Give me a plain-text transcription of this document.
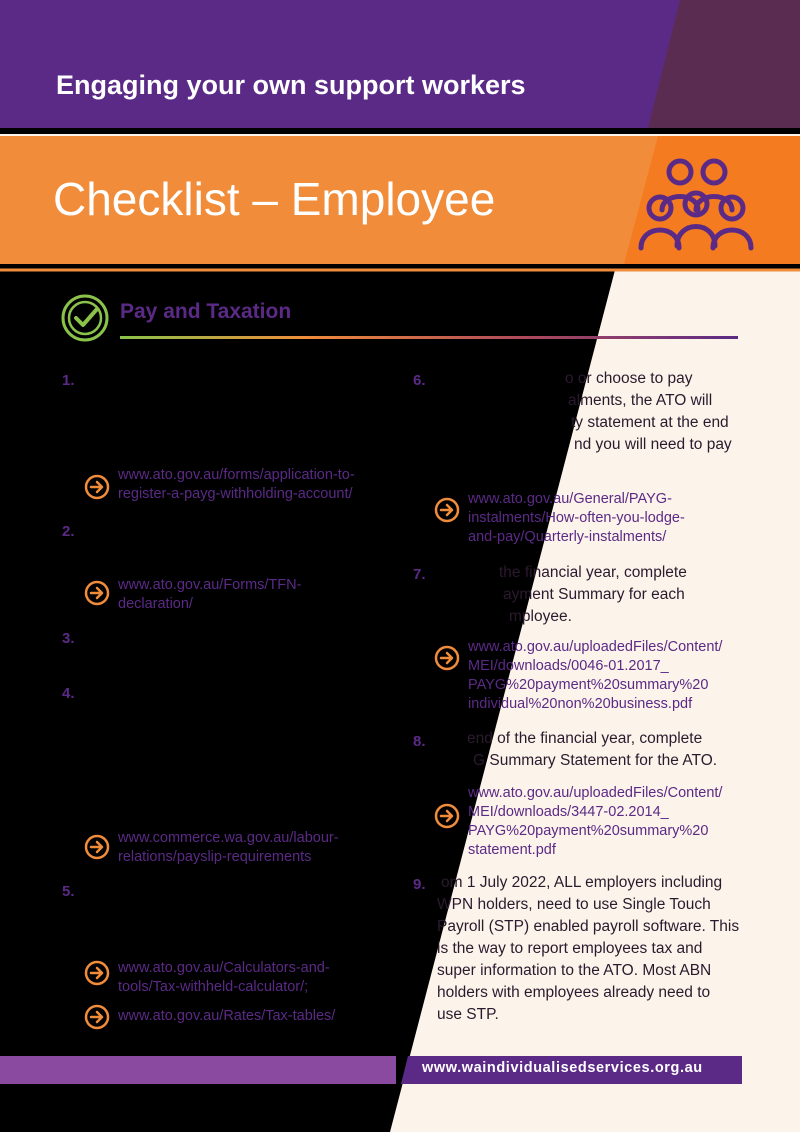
Engaging your own support workers
Checklist – Employee
Pay and Taxation
1.
2.
3.
4.
5.
www.ato.gov.au/forms/application-to-
register-a-payg-withholding-account/
www.ato.gov.au/Forms/TFN-
declaration/
www.commerce.wa.gov.au/labour-
relations/payslip-requirements
www.ato.gov.au/Calculators-and-
tools/Tax-withheld-calculator/;
www.ato.gov.au/Rates/Tax-tables/
6.	o or choose to pay
alments, the ATO will
ty statement at the end
nd you will need to pay
www.ato.gov.au/General/PAYG-
instalments/How-often-you-lodge-
and-pay/Quarterly-instalments/
7.	the financial year, complete
ayment Summary for each
mployee.
www.ato.gov.au/uploadedFiles/Content/
MEI/downloads/0046-01.2017_
PAYG%20payment%20summary%20
individual%20non%20business.pdf
8.	end of the financial year, complete
G Summary Statement for the ATO.
www.ato.gov.au/uploadedFiles/Content/
MEI/downloads/3447-02.2014_
PAYG%20payment%20summary%20
statement.pdf
9. om 1 July 2022, ALL employers including
WPN holders, need to use Single Touch
Payroll (STP) enabled payroll software. This
is the way to report employees tax and
super information to the ATO. Most ABN
holders with employees already need to
use STP.
www.waindividualisedservices.org.au
